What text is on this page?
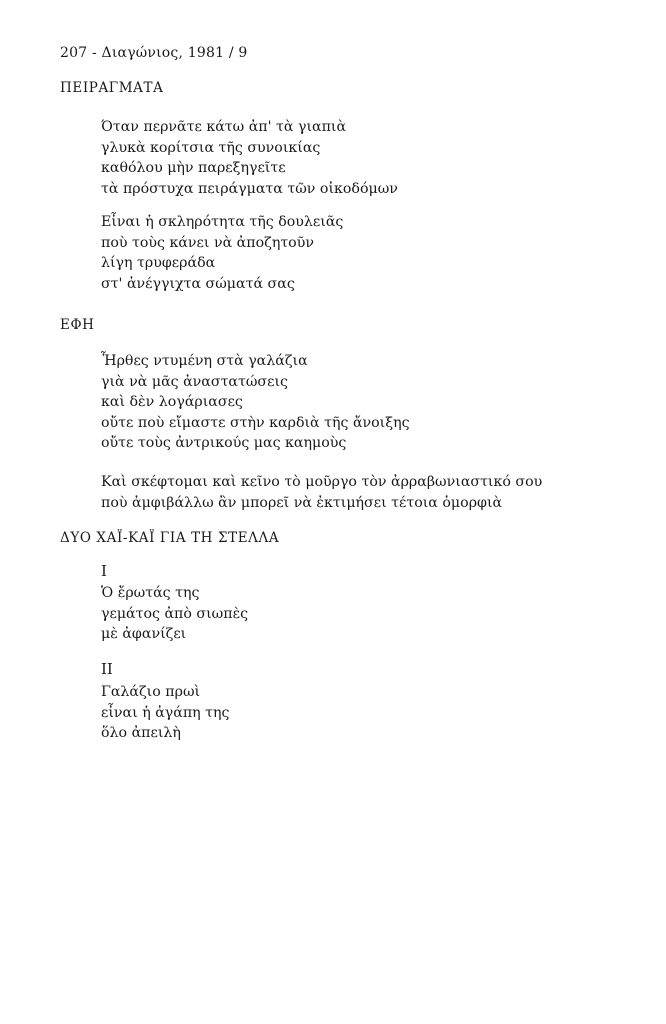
207 - Διαγώνιος, 1981 / 9
ΠΕΙΡΑΓΜΑΤΑ
Όταν περνᾶτε κάτω ἀπ' τὰ γιαπιὰ
γλυκὰ κορίτσια τῆς συνοικίας
καθόλου μὴν παρεξηγεῖτε
τὰ πρόστυχα πειράγματα τῶν οἰκοδόμων
Εἶναι ἡ σκληρότητα τῆς δουλειᾶς
ποὺ τοὺς κάνει νὰ ἀποζητοῦν
λίγη τρυφεράδα
στ' ἀνέγγιχτα σώματά σας
ΕΦΗ
Ἦρθες ντυμένη στὰ γαλάζια
γιὰ νὰ μᾶς ἀναστατώσεις
καὶ δὲν λογάριασες
οὔτε ποὺ εἴμαστε στὴν καρδιὰ τῆς ἄνοιξης
οὔτε τοὺς ἀντρικούς μας καημοὺς
Καὶ σκέφτομαι καὶ κεῖνο τὸ μοῦργο τὸν ἀρραβωνιαστικό σου
ποὺ ἀμφιβάλλω ἂν μπορεῖ νὰ ἐκτιμήσει τέτοια ὀμορφιὰ
ΔΥΟ ΧΑΪ-ΚΑΪ ΓΙΑ ΤΗ ΣΤΕΛΛΑ
I
Ὁ ἔρωτάς της
γεμάτος ἀπὸ σιωπὲς
μὲ ἀφανίζει
II
Γαλάζιο πρωὶ
εἶναι ἡ ἀγάπη της
ὅλο ἀπειλὴ
